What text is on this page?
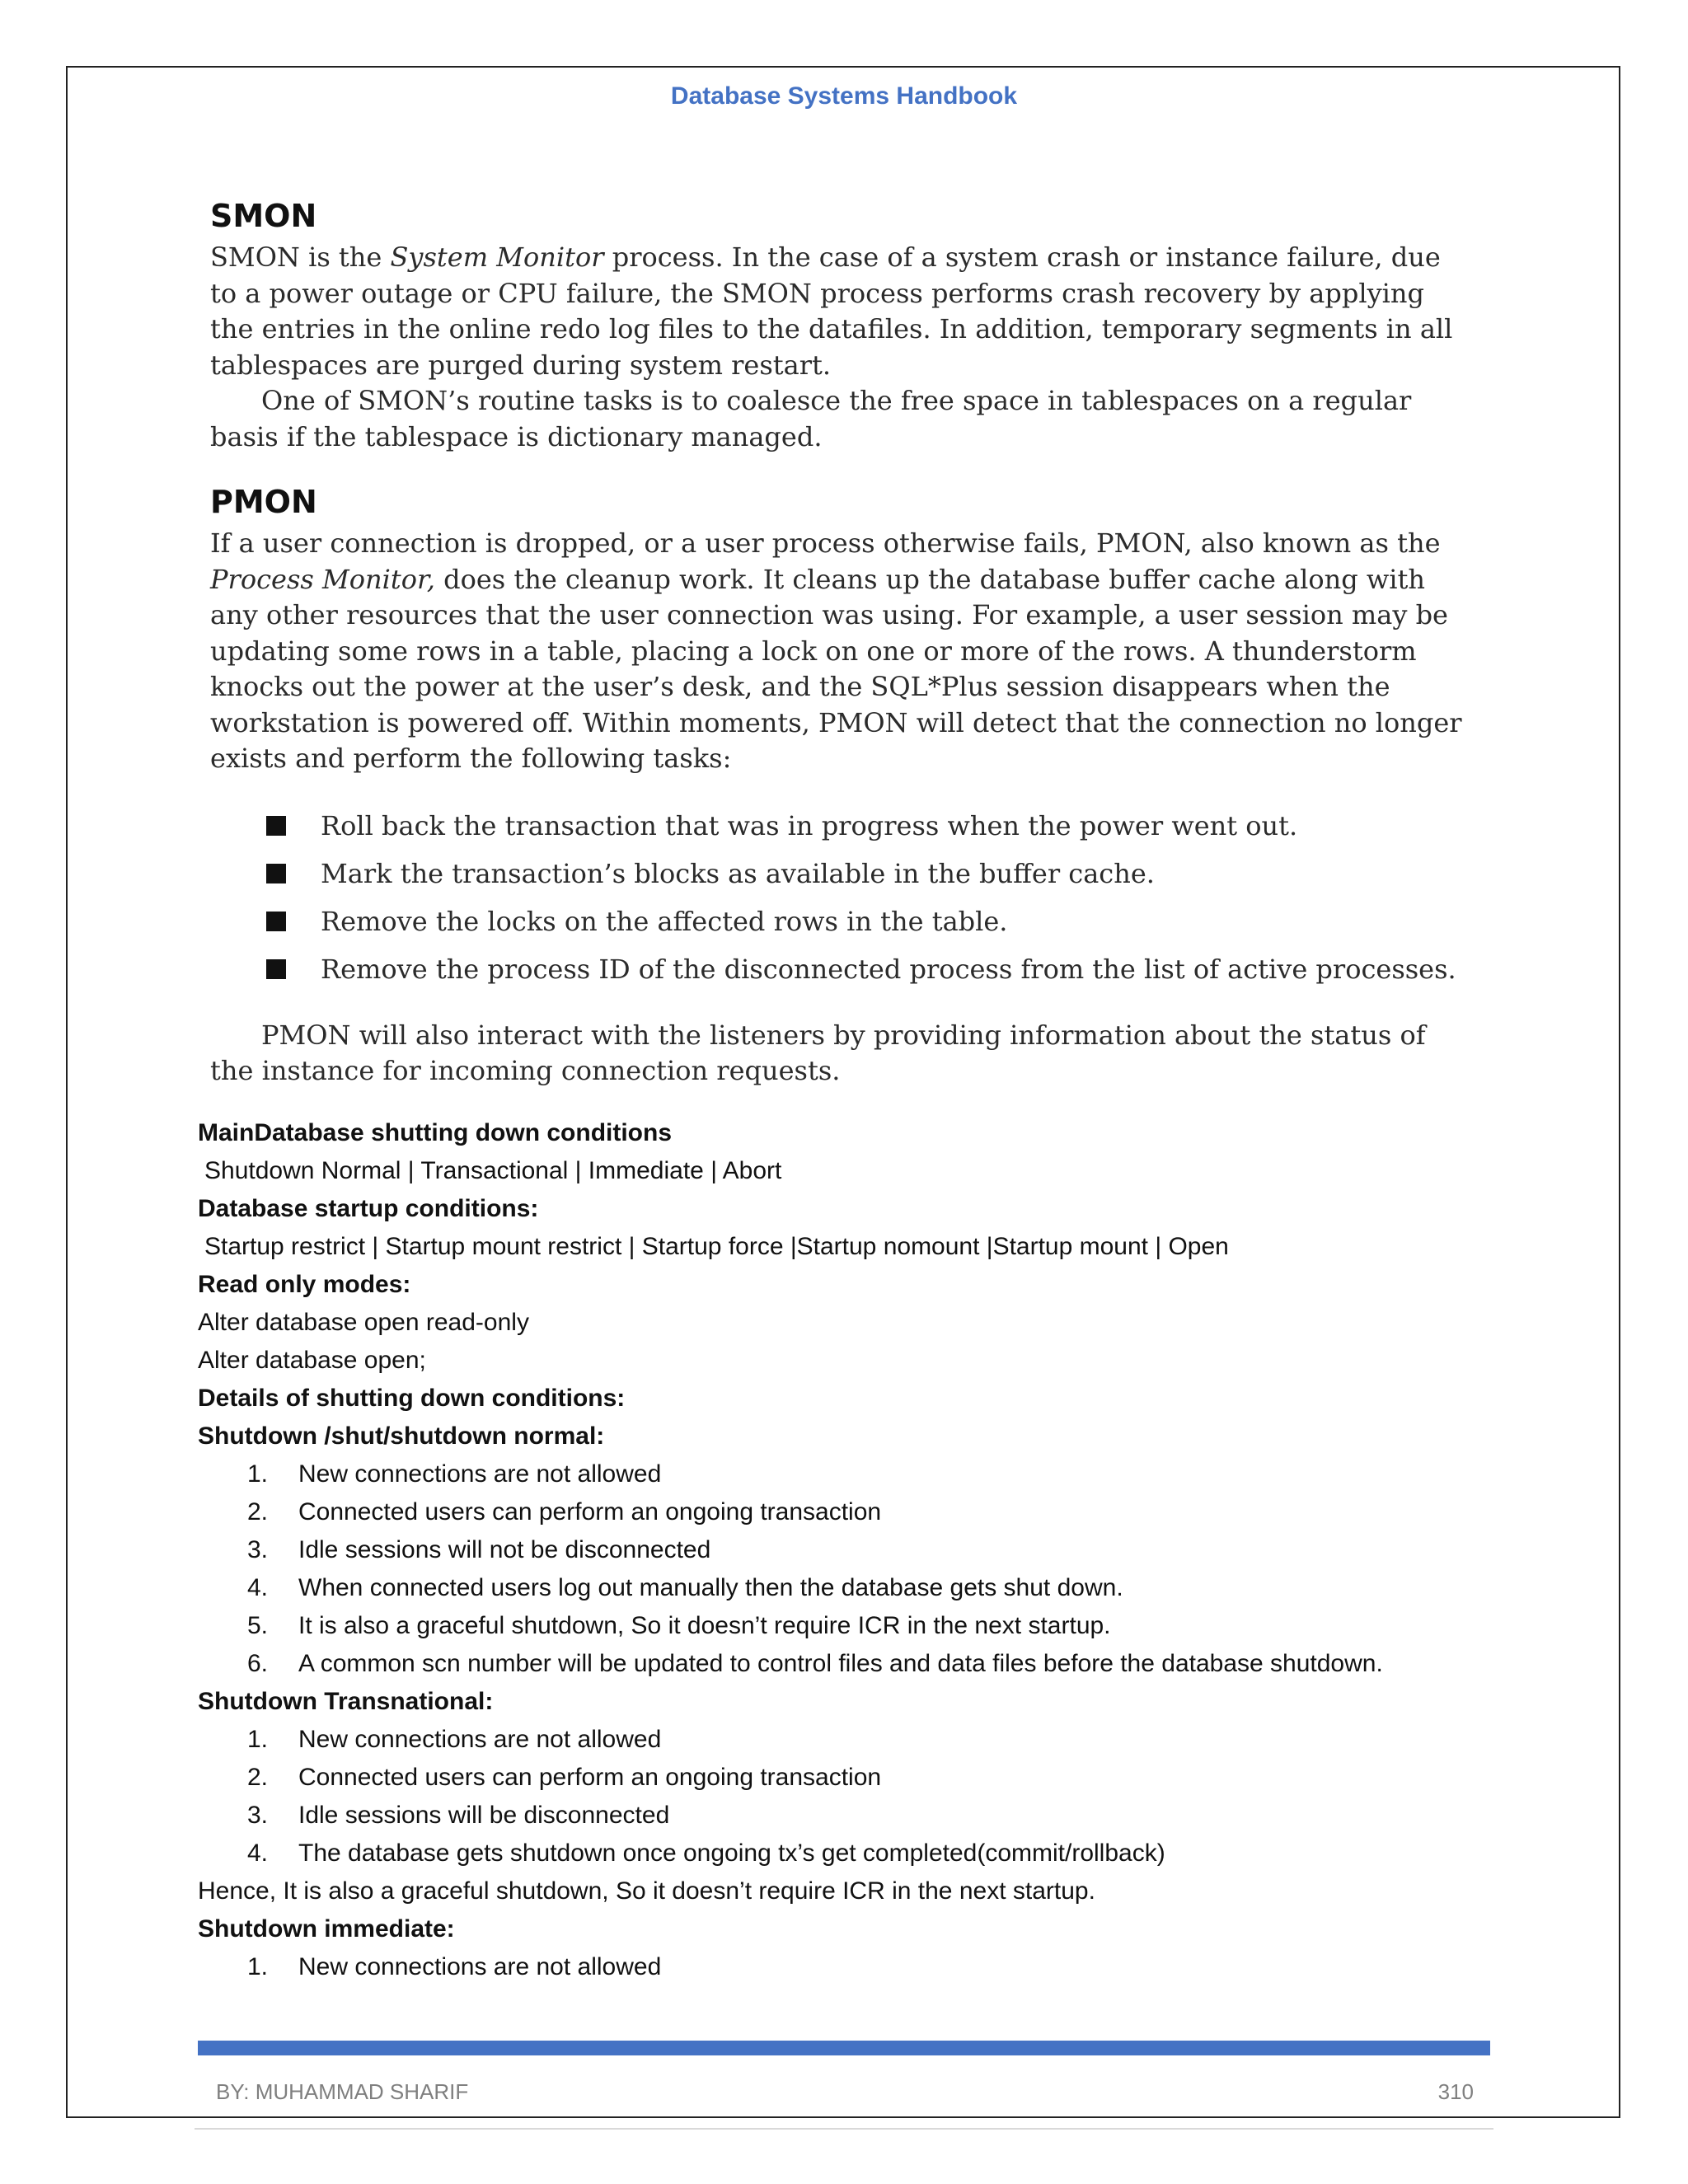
Database Systems Handbook
SMON

SMON is the System Monitor process. In the case of a system crash or instance failure, due to a power outage or CPU failure, the SMON process performs crash recovery by applying the entries in the online redo log files to the datafiles. In addition, temporary segments in all tablespaces are purged during system restart.

One of SMON’s routine tasks is to coalesce the free space in tablespaces on a regular basis if the tablespace is dictionary managed.

PMON

If a user connection is dropped, or a user process otherwise fails, PMON, also known as the Process Monitor, does the cleanup work. It cleans up the database buffer cache along with any other resources that the user connection was using. For example, a user session may be updating some rows in a table, placing a lock on one or more of the rows. A thunderstorm knocks out the power at the user’s desk, and the SQL*Plus session disappears when the workstation is powered off. Within moments, PMON will detect that the connection no longer exists and perform the following tasks:

Roll back the transaction that was in progress when the power went out.
Mark the transaction’s blocks as available in the buffer cache.
Remove the locks on the affected rows in the table.
Remove the process ID of the disconnected process from the list of active processes.

PMON will also interact with the listeners by providing information about the status of the instance for incoming connection requests.

MainDatabase shutting down conditions
Shutdown Normal | Transactional | Immediate | Abort
Database startup conditions:
Startup restrict | Startup mount restrict | Startup force |Startup nomount |Startup mount | Open
Read only modes:
Alter database open read-only
Alter database open;
Details of shutting down conditions:
Shutdown /shut/shutdown normal:
1.	New connections are not allowed
2.	Connected users can perform an ongoing transaction
3.	Idle sessions will not be disconnected
4.	When connected users log out manually then the database gets shut down.
5.	It is also a graceful shutdown, So it doesn’t require ICR in the next startup.
6.	A common scn number will be updated to control files and data files before the database shutdown.
Shutdown Transnational:
1.	New connections are not allowed
2.	Connected users can perform an ongoing transaction
3.	Idle sessions will be disconnected
4.	The database gets shutdown once ongoing tx’s get completed(commit/rollback)
Hence, It is also a graceful shutdown, So it doesn’t require ICR in the next startup.
Shutdown immediate:
1.	New connections are not allowed
BY: MUHAMMAD SHARIF	310
